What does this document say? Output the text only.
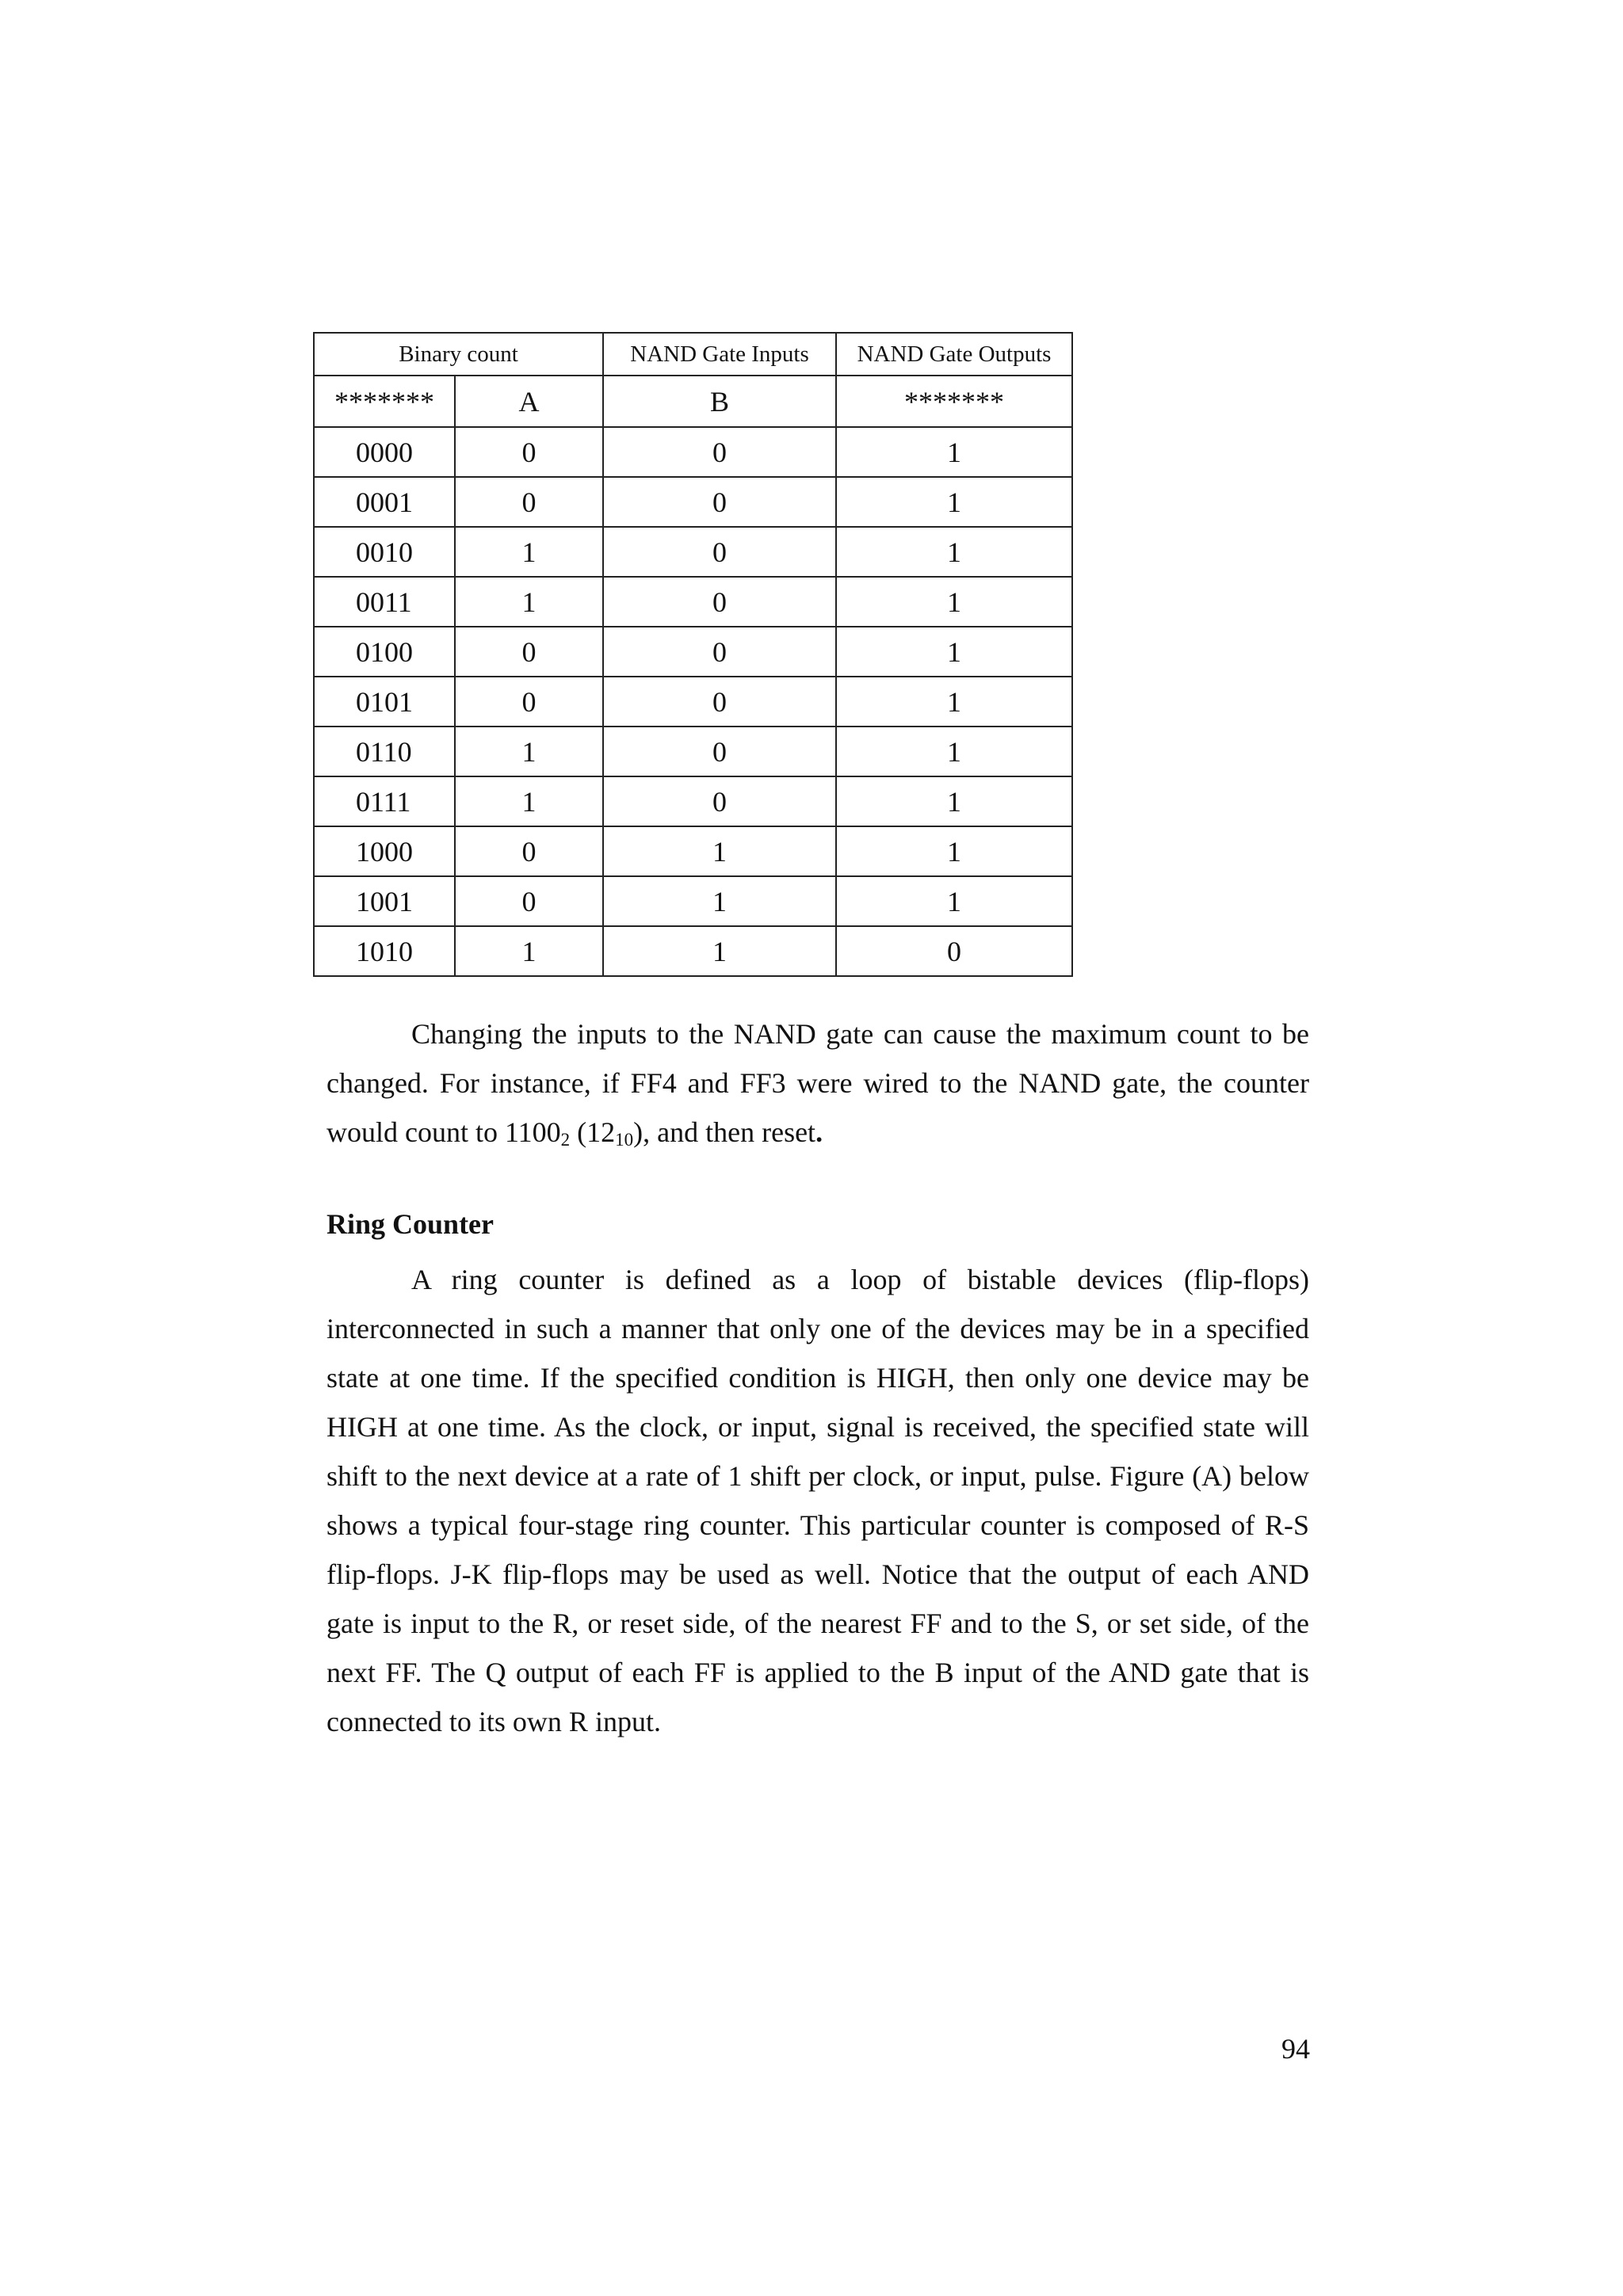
Binary count		NAND Gate Inputs	NAND Gate Outputs
*******	A	B	*******
0000	0	0	1
0001	0	0	1
0010	1	0	1
0011	1	0	1
0100	0	0	1
0101	0	0	1
0110	1	0	1
0111	1	0	1
1000	0	1	1
1001	0	1	1
1010	1	1	0

Changing the inputs to the NAND gate can cause the maximum count to be changed. For instance, if FF4 and FF3 were wired to the NAND gate, the counter would count to $1100_2$ $(12_{10})$, and then reset.

Ring Counter

A ring counter is defined as a loop of bistable devices (flip-flops) interconnected in such a manner that only one of the devices may be in a specified state at one time. If the specified condition is HIGH, then only one device may be HIGH at one time. As the clock, or input, signal is received, the specified state will shift to the next device at a rate of 1 shift per clock, or input, pulse. Figure (A) below shows a typical four-stage ring counter. This particular counter is composed of R-S flip-flops. J-K flip-flops may be used as well. Notice that the output of each AND gate is input to the R, or reset side, of the nearest FF and to the S, or set side, of the next FF. The Q output of each FF is applied to the B input of the AND gate that is connected to its own R input.

94
